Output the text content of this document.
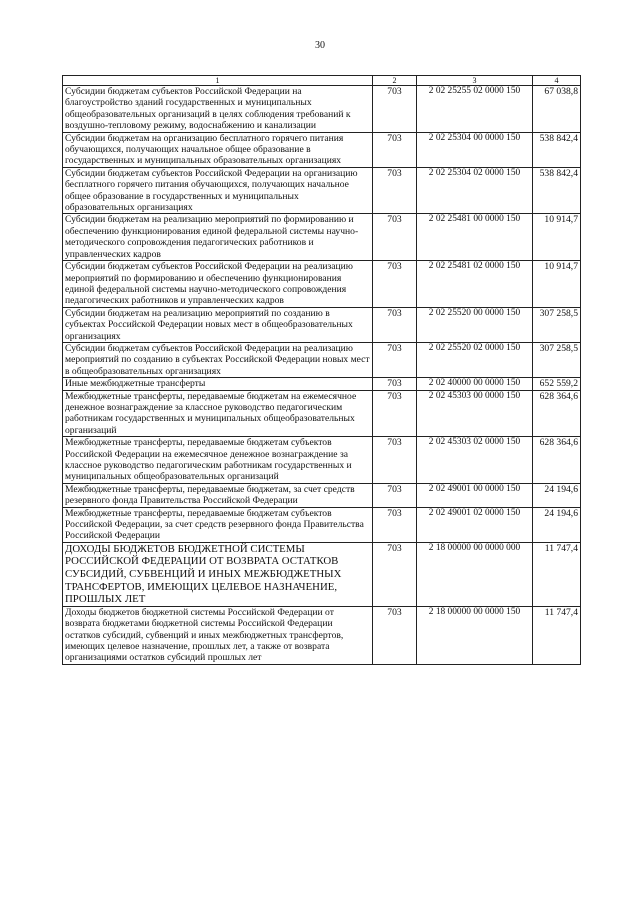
30
1	2	3	4
Субсидии бюджетам субъектов Российской Федерации на благоустройство зданий государственных и муниципальных общеобразовательных организаций в целях соблюдения требований к воздушно-тепловому режиму, водоснабжению и канализации	703	2 02 25255 02 0000 150	67 038,8
Субсидии бюджетам на организацию бесплатного горячего питания обучающихся, получающих начальное общее образование в государственных и муниципальных образовательных организациях	703	2 02 25304 00 0000 150	538 842,4
Субсидии бюджетам субъектов Российской Федерации на организацию бесплатного горячего питания обучающихся, получающих начальное общее образование в государственных и муниципальных образовательных организациях	703	2 02 25304 02 0000 150	538 842,4
Субсидии бюджетам на реализацию мероприятий по формированию и обеспечению функционирования единой федеральной системы научно-методического сопровождения педагогических работников и управленческих кадров	703	2 02 25481 00 0000 150	10 914,7
Субсидии бюджетам субъектов Российской Федерации на реализацию мероприятий по формированию и обеспечению функционирования единой федеральной системы научно-методического сопровождения педагогических работников и управленческих кадров	703	2 02 25481 02 0000 150	10 914,7
Субсидии бюджетам на реализацию мероприятий по созданию в субъектах Российской Федерации новых мест в общеобразовательных организациях	703	2 02 25520 00 0000 150	307 258,5
Субсидии бюджетам субъектов Российской Федерации на реализацию мероприятий по созданию в субъектах Российской Федерации новых мест в общеобразовательных организациях	703	2 02 25520 02 0000 150	307 258,5
Иные межбюджетные трансферты	703	2 02 40000 00 0000 150	652 559,2
Межбюджетные трансферты, передаваемые бюджетам на ежемесячное денежное вознаграждение за классное руководство педагогическим работникам государственных и муниципальных общеобразовательных организаций	703	2 02 45303 00 0000 150	628 364,6
Межбюджетные трансферты, передаваемые бюджетам субъектов Российской Федерации на ежемесячное денежное вознаграждение за классное руководство педагогическим работникам государственных и муниципальных общеобразовательных организаций	703	2 02 45303 02 0000 150	628 364,6
Межбюджетные трансферты, передаваемые бюджетам, за счет средств резервного фонда Правительства Российской Федерации	703	2 02 49001 00 0000 150	24 194,6
Межбюджетные трансферты, передаваемые бюджетам субъектов Российской Федерации, за счет средств резервного фонда Правительства Российской Федерации	703	2 02 49001 02 0000 150	24 194,6
ДОХОДЫ БЮДЖЕТОВ БЮДЖЕТНОЙ СИСТЕМЫ РОССИЙСКОЙ ФЕДЕРАЦИИ ОТ ВОЗВРАТА ОСТАТКОВ СУБСИДИЙ, СУБВЕНЦИЙ И ИНЫХ МЕЖБЮДЖЕТНЫХ ТРАНСФЕРТОВ, ИМЕЮЩИХ ЦЕЛЕВОЕ НАЗНАЧЕНИЕ, ПРОШЛЫХ ЛЕТ	703	2 18 00000 00 0000 000	11 747,4
Доходы бюджетов бюджетной системы Российской Федерации от возврата бюджетами бюджетной системы Российской Федерации остатков субсидий, субвенций и иных межбюджетных трансфертов, имеющих целевое назначение, прошлых лет, а также от возврата организациями остатков субсидий прошлых лет	703	2 18 00000 00 0000 150	11 747,4
